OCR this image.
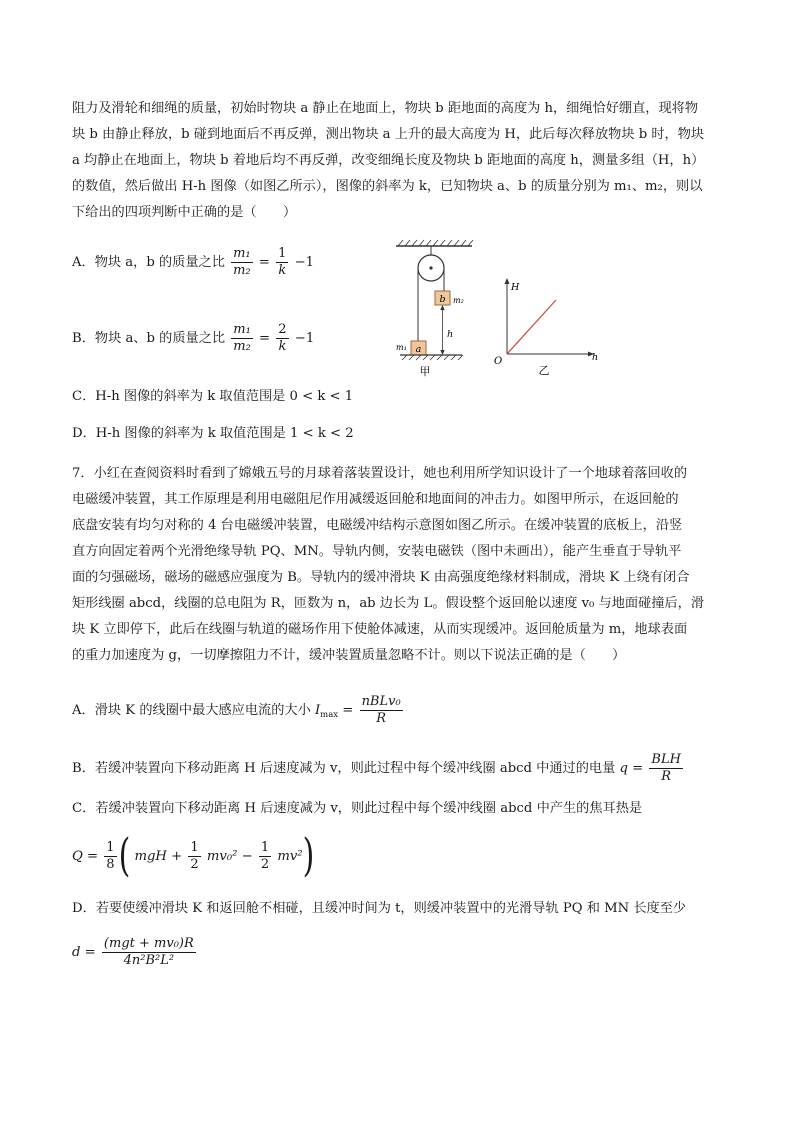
阻力及滑轮和细绳的质量，初始时物块 a 静止在地面上，物块 b 距地面的高度为 h，细绳恰好绷直，现将物
块 b 由静止释放，b 碰到地面后不再反弹，测出物块 a 上升的最大高度为 H，此后每次释放物块 b 时，物块
a 均静止在地面上，物块 b 着地后均不再反弹，改变细绳长度及物块 b 距地面的高度 h，测量多组（H，h）
的数值，然后做出 H-h 图像（如图乙所示），图像的斜率为 k，已知物块 a、b 的质量分别为 m₁、m₂，则以
下给出的四项判断中正确的是（　　）
A．物块 a，b 的质量之比 $\frac{\text{m₁}}{\text{m₂}} = \frac{1}{k} -1$
B．物块 a、b 的质量之比 $\frac{\text{m₁}}{\text{m₂}} = \frac{2}{k} -1$
b m₂
h
a
m₁
甲
H
h
O
乙
C．H-h 图像的斜率为 k 取值范围是 0 < k < 1
D．H-h 图像的斜率为 k 取值范围是 1 < k < 2
7．小红在查阅资料时看到了嫦娥五号的月球着落装置设计，她也利用所学知识设计了一个地球着落回收的
电磁缓冲装置，其工作原理是利用电磁阻尼作用减缓返回舱和地面间的冲击力。如图甲所示，在返回舱的
底盘安装有均匀对称的 4 台电磁缓冲装置，电磁缓冲结构示意图如图乙所示。在缓冲装置的底板上，沿竖
直方向固定着两个光滑绝缘导轨 PQ、MN。导轨内侧，安装电磁铁（图中未画出），能产生垂直于导轨平
面的匀强磁场，磁场的磁感应强度为 B。导轨内的缓冲滑块 K 由高强度绝缘材料制成，滑块 K 上绕有闭合
矩形线圈 abcd，线圈的总电阻为 R，匝数为 n，ab 边长为 L。假设整个返回舱以速度 v₀ 与地面碰撞后，滑
块 K 立即停下，此后在线圈与轨道的磁场作用下使舱体减速，从而实现缓冲。返回舱质量为 m，地球表面
的重力加速度为 g，一切摩擦阻力不计，缓冲装置质量忽略不计。则以下说法正确的是（　　）
A．滑块 K 的线圈中最大感应电流的大小 $I_{max} = \frac{\text{nBLv₀}}{R}$
B．若缓冲装置向下移动距离 H 后速度减为 v，则此过程中每个缓冲线圈 abcd 中通过的电量 $q = \frac{\text{BLH}}{R}$
C．若缓冲装置向下移动距离 H 后速度减为 v，则此过程中每个缓冲线圈 abcd 中产生的焦耳热是
$Q = \frac{1}{8}$ ( mgH + $\frac{1}{2} mv_0^2 - \frac{1}{2} mv^2$)
D．若要使缓冲滑块 K 和返回舱不相碰，且缓冲时间为 t，则缓冲装置中的光滑导轨 PQ 和 MN 长度至少
$d = \frac{\text{(mgt + mv₀)R}}{\text{4n²B²L²}}$
